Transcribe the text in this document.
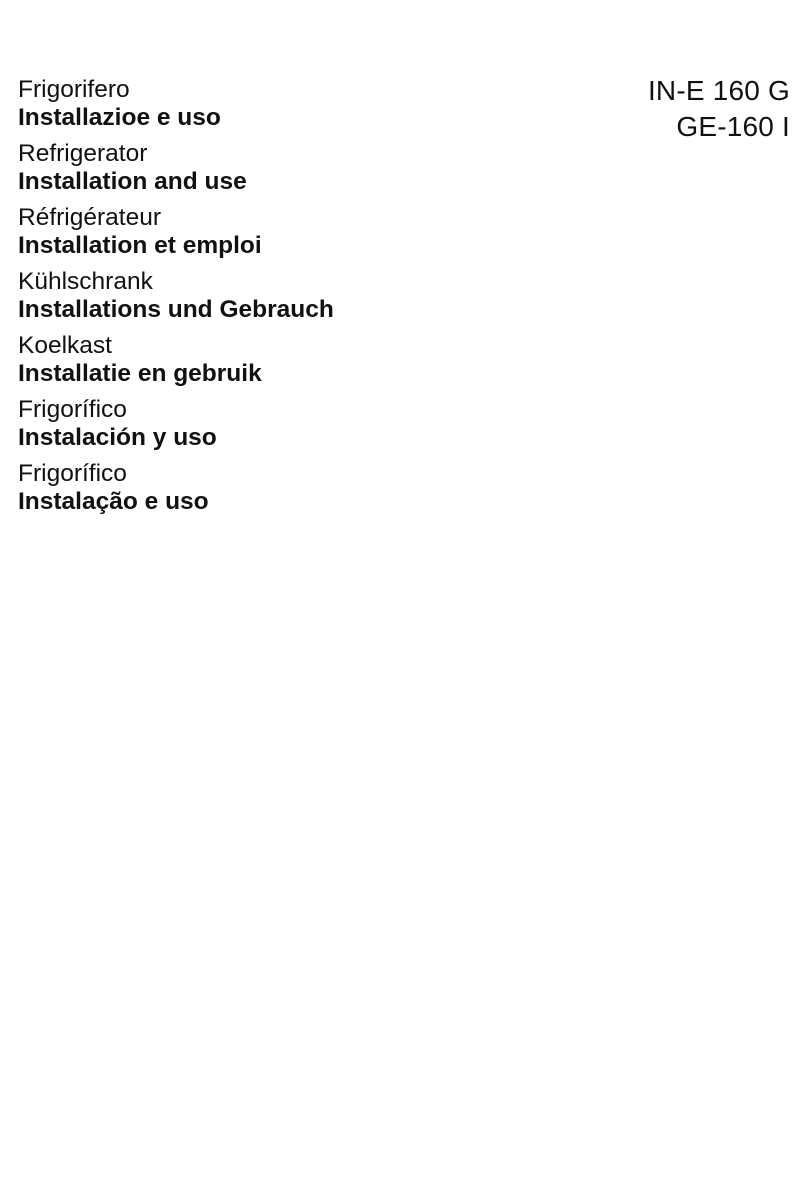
IN-E 160 G
GE-160 I
Frigorifero
Installazioe e uso
Refrigerator
Installation and use
Réfrigérateur
Installation et emploi
Kühlschrank
Installations und Gebrauch
Koelkast
Installatie en gebruik
Frigorífico
Instalación y uso
Frigorífico
Instalação e uso
